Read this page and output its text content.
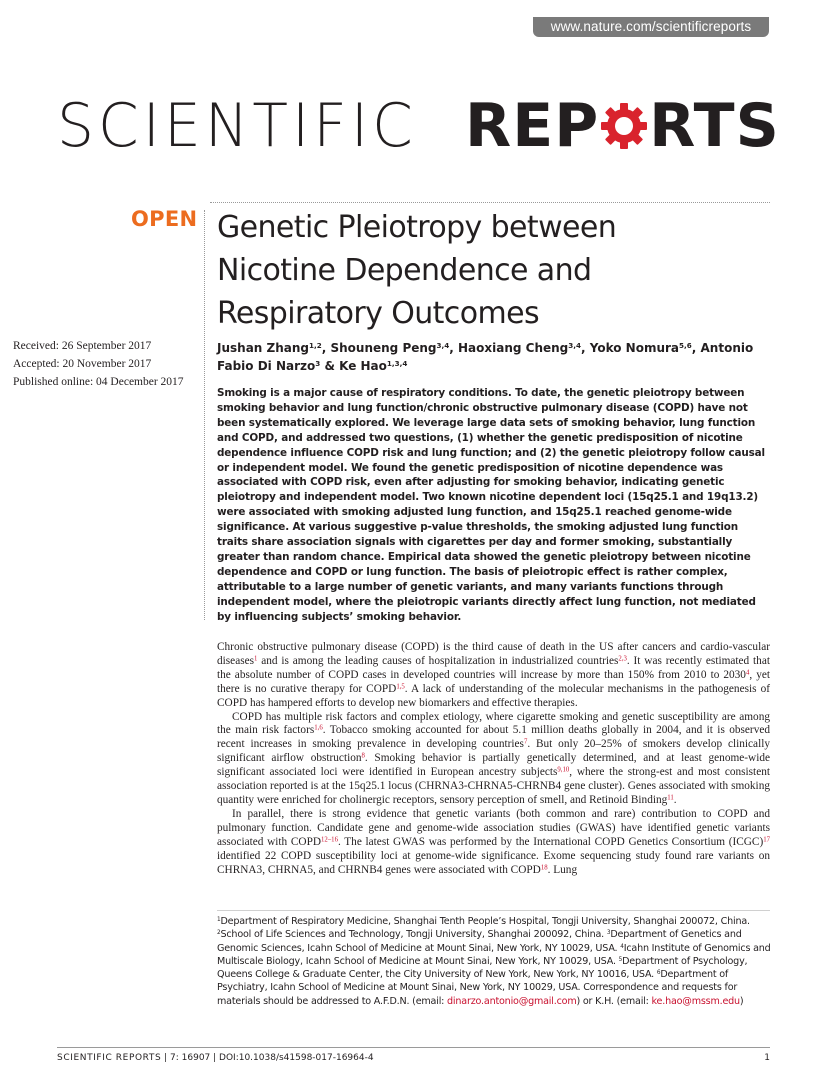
www.nature.com/scientificreports
SCIENTIFIC REP RTS
OPEN Genetic Pleiotropy between
Nicotine Dependence and
Respiratory Outcomes
Received: 26 September 2017
Accepted: 20 November 2017
Published online: 04 December 2017
Jushan Zhang$^{1,2}$, Shouneng Peng$^{3,4}$, Haoxiang Cheng$^{3,4}$, Yoko Nomura$^{5,6}$, Antonio Fabio Di Narzo$^3$ & Ke Hao$^{1,3,4}$

Smoking is a major cause of respiratory conditions. To date, the genetic pleiotropy between smoking behavior and lung function/chronic obstructive pulmonary disease (COPD) have not been systematically explored. We leverage large data sets of smoking behavior, lung function and COPD, and addressed two questions, (1) whether the genetic predisposition of nicotine dependence influence COPD risk and lung function; and (2) the genetic pleiotropy follow causal or independent model. We found the genetic predisposition of nicotine dependence was associated with COPD risk, even after adjusting for smoking behavior, indicating genetic pleiotropy and independent model. Two known nicotine dependent loci (15q25.1 and 19q13.2) were associated with smoking adjusted lung function, and 15q25.1 reached genome-wide significance. At various suggestive p-value thresholds, the smoking adjusted lung function traits share association signals with cigarettes per day and former smoking, substantially greater than random chance. Empirical data showed the genetic pleiotropy between nicotine dependence and COPD or lung function. The basis of pleiotropic effect is rather complex, attributable to a large number of genetic variants, and many variants functions through independent model, where the pleiotropic variants directly affect lung function, not mediated by influencing subjects’ smoking behavior.

Chronic obstructive pulmonary disease (COPD) is the third cause of death in the US after cancers and cardio-vascular diseases$^1$ and is among the leading causes of hospitalization in industrialized countries$^{2,3}$. It was recently estimated that the absolute number of COPD cases in developed countries will increase by more than 150% from 2010 to 2030$^4$, yet there is no curative therapy for COPD$^{1,5}$. A lack of understanding of the molecular mechanisms in the pathogenesis of COPD has hampered efforts to develop new biomarkers and effective therapies.

COPD has multiple risk factors and complex etiology, where cigarette smoking and genetic susceptibility are among the main risk factors$^{1,6}$. Tobacco smoking accounted for about 5.1 million deaths globally in 2004, and it is observed recent increases in smoking prevalence in developing countries$^7$. But only 20–25% of smokers develop clinically significant airflow obstruction$^8$. Smoking behavior is partially genetically determined, and at least genome-wide significant associated loci were identified in European ancestry subjects$^{9,10}$, where the strong-est and most consistent association reported is at the 15q25.1 locus (CHRNA3-CHRNA5-CHRNB4 gene cluster). Genes associated with smoking quantity were enriched for cholinergic receptors, sensory perception of smell, and Retinoid Binding$^{11}$.

In parallel, there is strong evidence that genetic variants (both common and rare) contribution to COPD and pulmonary function. Candidate gene and genome-wide association studies (GWAS) have identified genetic variants associated with COPD$^{12-16}$. The latest GWAS was performed by the International COPD Genetics Consortium (ICGC)$^{17}$ identified 22 COPD susceptibility loci at genome-wide significance. Exome sequencing study found rare variants on CHRNA3, CHRNA5, and CHRNB4 genes were associated with COPD$^{18}$. Lung

$^1$Department of Respiratory Medicine, Shanghai Tenth People’s Hospital, Tongji University, Shanghai 200072, China. $^2$School of Life Sciences and Technology, Tongji University, Shanghai 200092, China. $^3$Department of Genetics and Genomic Sciences, Icahn School of Medicine at Mount Sinai, New York, NY 10029, USA. $^4$Icahn Institute of Genomics and Multiscale Biology, Icahn School of Medicine at Mount Sinai, New York, NY 10029, USA. $^5$Department of Psychology, Queens College & Graduate Center, the City University of New York, New York, NY 10016, USA. $^6$Department of Psychiatry, Icahn School of Medicine at Mount Sinai, New York, NY 10029, USA. Correspondence and requests for materials should be addressed to A.F.D.N. (email: dinarzo.antonio@gmail.com) or K.H. (email: ke.hao@mssm.edu)
SCIENTIFIC REPORTS | 7: 16907 | DOI:10.1038/s41598-017-16964-4	1
